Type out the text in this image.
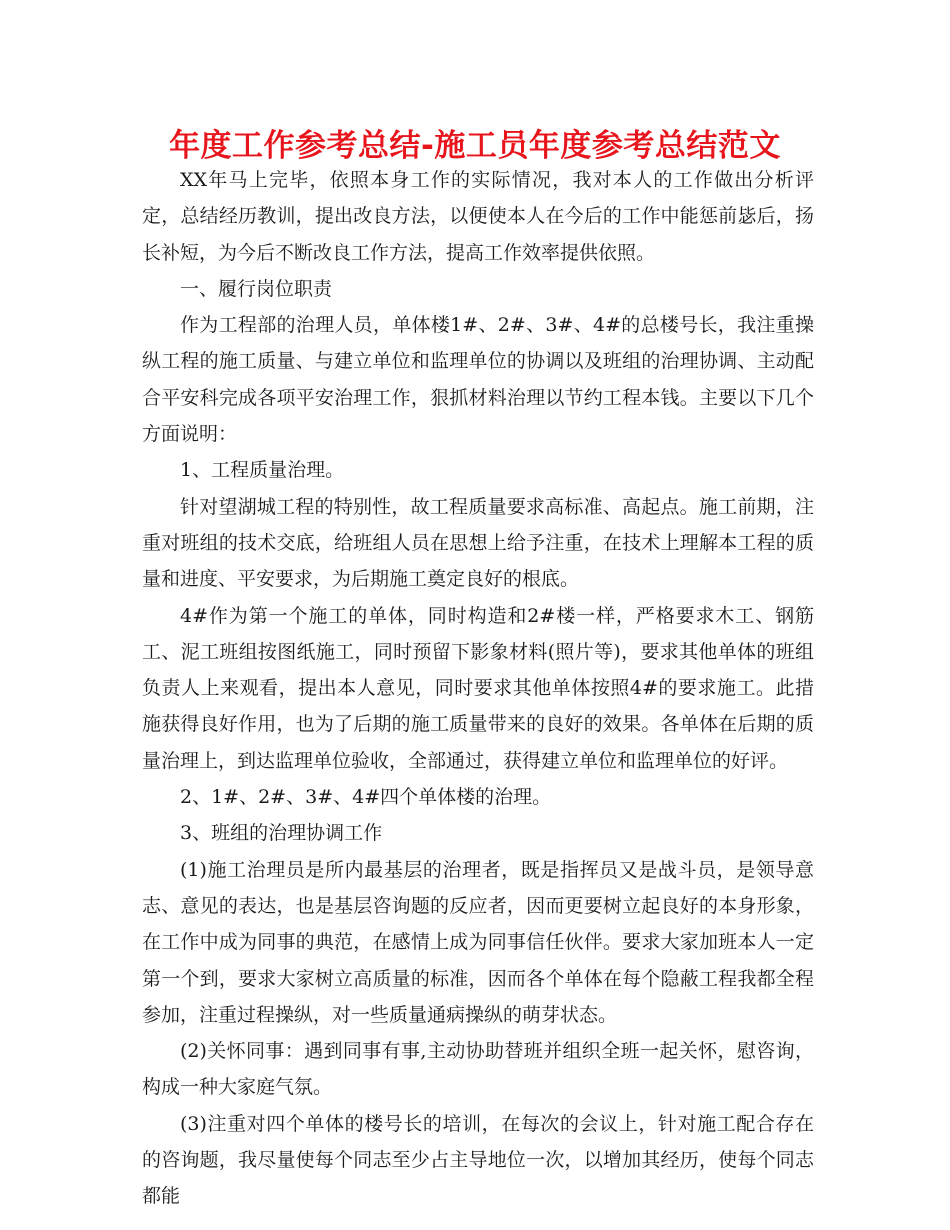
年度工作参考总结-施工员年度参考总结范文

XX年马上完毕，依照本身工作的实际情况，我对本人的工作做出分析评定，总结经历教训，提出改良方法，以便使本人在今后的工作中能惩前毖后，扬长补短，为今后不断改良工作方法，提高工作效率提供依照。

一、履行岗位职责

作为工程部的治理人员，单体楼1#、2#、3#、4#的总楼号长，我注重操纵工程的施工质量、与建立单位和监理单位的协调以及班组的治理协调、主动配合平安科完成各项平安治理工作，狠抓材料治理以节约工程本钱。主要以下几个方面说明：

1、工程质量治理。

针对望湖城工程的特别性，故工程质量要求高标准、高起点。施工前期，注重对班组的技术交底，给班组人员在思想上给予注重，在技术上理解本工程的质量和进度、平安要求，为后期施工奠定良好的根底。

4#作为第一个施工的单体，同时构造和2#楼一样，严格要求木工、钢筋工、泥工班组按图纸施工，同时预留下影象材料(照片等)，要求其他单体的班组负责人上来观看，提出本人意见，同时要求其他单体按照4#的要求施工。此措施获得良好作用，也为了后期的施工质量带来的良好的效果。各单体在后期的质量治理上，到达监理单位验收，全部通过，获得建立单位和监理单位的好评。

2、1#、2#、3#、4#四个单体楼的治理。

3、班组的治理协调工作

(1)施工治理员是所内最基层的治理者，既是指挥员又是战斗员，是领导意志、意见的表达，也是基层咨询题的反应者，因而更要树立起良好的本身形象，在工作中成为同事的典范，在感情上成为同事信任伙伴。要求大家加班本人一定第一个到，要求大家树立高质量的标准，因而各个单体在每个隐蔽工程我都全程参加，注重过程操纵，对一些质量通病操纵的萌芽状态。

(2)关怀同事：遇到同事有事,主动协助替班并组织全班一起关怀，慰咨询，构成一种大家庭气氛。

(3)注重对四个单体的楼号长的培训，在每次的会议上，针对施工配合存在的咨询题，我尽量使每个同志至少占主导地位一次，以增加其经历，使每个同志都能
